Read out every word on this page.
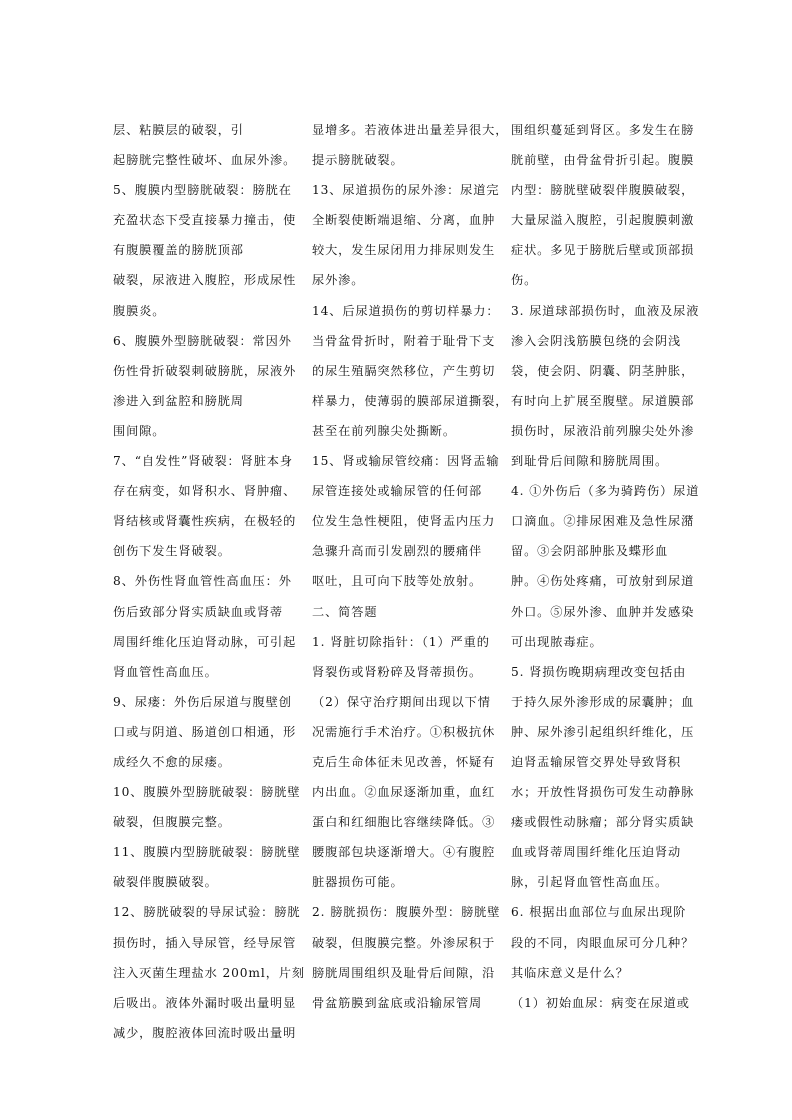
层、粘膜层的破裂，引

起膀胱完整性破坏、血尿外渗。

5、腹膜内型膀胱破裂：膀胱在

充盈状态下受直接暴力撞击，使

有腹膜覆盖的膀胱顶部

破裂，尿液进入腹腔，形成尿性

腹膜炎。

6、腹膜外型膀胱破裂：常因外

伤性骨折破裂刺破膀胱，尿液外

渗进入到盆腔和膀胱周

围间隙。

7、“自发性”肾破裂：肾脏本身

存在病变，如肾积水、肾肿瘤、

肾结核或肾囊性疾病，在极轻的

创伤下发生肾破裂。

8、外伤性肾血管性高血压：外

伤后致部分肾实质缺血或肾蒂

周围纤维化压迫肾动脉，可引起

肾血管性高血压。

9、尿瘘：外伤后尿道与腹壁创

口或与阴道、肠道创口相通，形

成经久不愈的尿瘘。

10、腹膜外型膀胱破裂：膀胱壁

破裂，但腹膜完整。

11、腹膜内型膀胱破裂：膀胱壁

破裂伴腹膜破裂。

12、膀胱破裂的导尿试验：膀胱

损伤时，插入导尿管，经导尿管

注入灭菌生理盐水 200ml，片刻

后吸出。液体外漏时吸出量明显

减少，腹腔液体回流时吸出量明

显增多。若液体进出量差异很大，

提示膀胱破裂。

13、尿道损伤的尿外渗：尿道完

全断裂使断端退缩、分离，血肿

较大，发生尿闭用力排尿则发生

尿外渗。

14、后尿道损伤的剪切样暴力：

当骨盆骨折时，附着于耻骨下支

的尿生殖膈突然移位，产生剪切

样暴力，使薄弱的膜部尿道撕裂，

甚至在前列腺尖处撕断。

15、肾或输尿管绞痛：因肾盂输

尿管连接处或输尿管的任何部

位发生急性梗阻，使肾盂内压力

急骤升高而引发剧烈的腰痛伴

呕吐，且可向下肢等处放射。

二、简答题

1. 肾脏切除指针：（1）严重的

肾裂伤或肾粉碎及肾蒂损伤。

（2）保守治疗期间出现以下情

况需施行手术治疗。①积极抗休

克后生命体征未见改善，怀疑有

内出血。②血尿逐渐加重，血红

蛋白和红细胞比容继续降低。③

腰腹部包块逐渐增大。④有腹腔

脏器损伤可能。

2. 膀胱损伤：腹膜外型：膀胱壁

破裂，但腹膜完整。外渗尿积于

膀胱周围组织及耻骨后间隙，沿

骨盆筋膜到盆底或沿输尿管周

围组织蔓延到肾区。多发生在膀

胱前壁，由骨盆骨折引起。腹膜

内型：膀胱壁破裂伴腹膜破裂，

大量尿溢入腹腔，引起腹膜刺激

症状。多见于膀胱后壁或顶部损

伤。

3. 尿道球部损伤时，血液及尿液

渗入会阴浅筋膜包绕的会阴浅

袋，使会阴、阴囊、阴茎肿胀，

有时向上扩展至腹壁。尿道膜部

损伤时，尿液沿前列腺尖处外渗

到耻骨后间隙和膀胱周围。

4. ①外伤后（多为骑跨伤）尿道

口滴血。②排尿困难及急性尿潴

留。③会阴部肿胀及蝶形血

肿。④伤处疼痛，可放射到尿道

外口。⑤尿外渗、血肿并发感染

可出现脓毒症。

5. 肾损伤晚期病理改变包括由

于持久尿外渗形成的尿囊肿；血

肿、尿外渗引起组织纤维化，压

迫肾盂输尿管交界处导致肾积

水；开放性肾损伤可发生动静脉

瘘或假性动脉瘤；部分肾实质缺

血或肾蒂周围纤维化压迫肾动

脉，引起肾血管性高血压。

6. 根据出血部位与血尿出现阶

段的不同，肉眼血尿可分几种？

其临床意义是什么？

（1）初始血尿：病变在尿道或
